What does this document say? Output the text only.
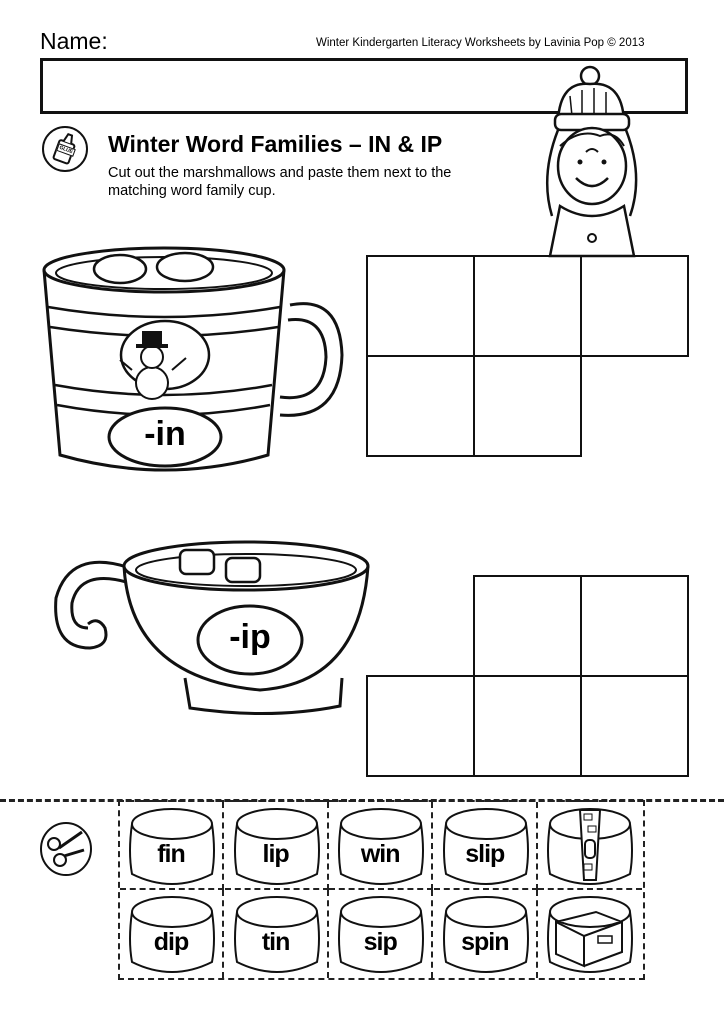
Name:	Winter Kindergarten Literacy Worksheets by Lavinia Pop © 2013
GLUE Winter Word Families – IN & IP
Cut out the marshmallows and paste them next to the matching word family cup.
-in

-ip

fin	lip	win	slip
dip	tin	sip	spin
